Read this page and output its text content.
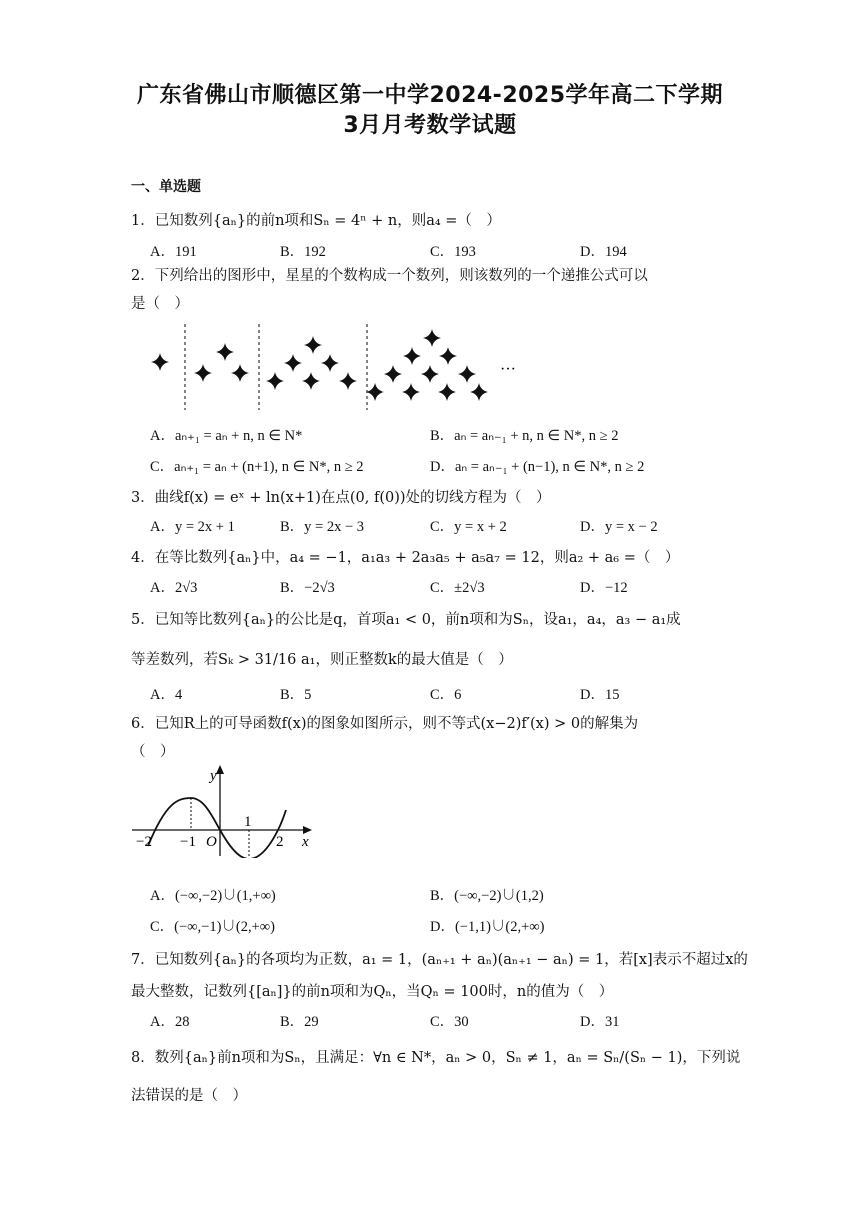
广东省佛山市顺德区第一中学2024-2025学年高二下学期
3月月考数学试题
一、单选题
1．已知数列{aₙ}的前n项和Sₙ = 4ⁿ + n，则a₄ =（　）
A．191	B．192	C．193	D．194
2．下列给出的图形中，星星的个数构成一个数列，则该数列的一个递推公式可以
是（　）
···
A．aₙ₊₁ = aₙ + n, n ∈ N*	B．aₙ = aₙ₋₁ + n, n ∈ N*, n ≥ 2
C．aₙ₊₁ = aₙ + (n+1), n ∈ N*, n ≥ 2	D．aₙ = aₙ₋₁ + (n−1), n ∈ N*, n ≥ 2
3．曲线f(x) = eˣ + ln(x+1)在点(0, f(0))处的切线方程为（　）
A．y = 2x + 1	B．y = 2x − 3	C．y = x + 2	D．y = x − 2
4．在等比数列{aₙ}中，a₄ = −1，a₁a₃ + 2a₃a₅ + a₅a₇ = 12，则a₂ + a₆ =（　）
A．2√3	B．−2√3	C．±2√3	D．−12
5．已知等比数列{aₙ}的公比是q，首项a₁ < 0，前n项和为Sₙ，设a₁，a₄，a₃ − a₁成
等差数列，若Sₖ > 31/16 a₁，则正整数k的最大值是（　）
A．4	B．5	C．6	D．15
6．已知R上的可导函数f(x)的图象如图所示，则不等式(x−2)f′(x) > 0的解集为
（　）
y
x
O
−2 −1
1
2
A．(−∞,−2)∪(1,+∞)	B．(−∞,−2)∪(1,2)
C．(−∞,−1)∪(2,+∞)	D．(−1,1)∪(2,+∞)
7．已知数列{aₙ}的各项均为正数，a₁ = 1，(aₙ₊₁ + aₙ)(aₙ₊₁ − aₙ) = 1，若[x]表示不超过x的
最大整数，记数列{[aₙ]}的前n项和为Qₙ，当Qₙ = 100时，n的值为（　）
A．28	B．29	C．30	D．31
8．数列{aₙ}前n项和为Sₙ，且满足：∀n ∈ N*，aₙ > 0，Sₙ ≠ 1，aₙ = Sₙ/(Sₙ − 1)，下列说
法错误的是（　）
